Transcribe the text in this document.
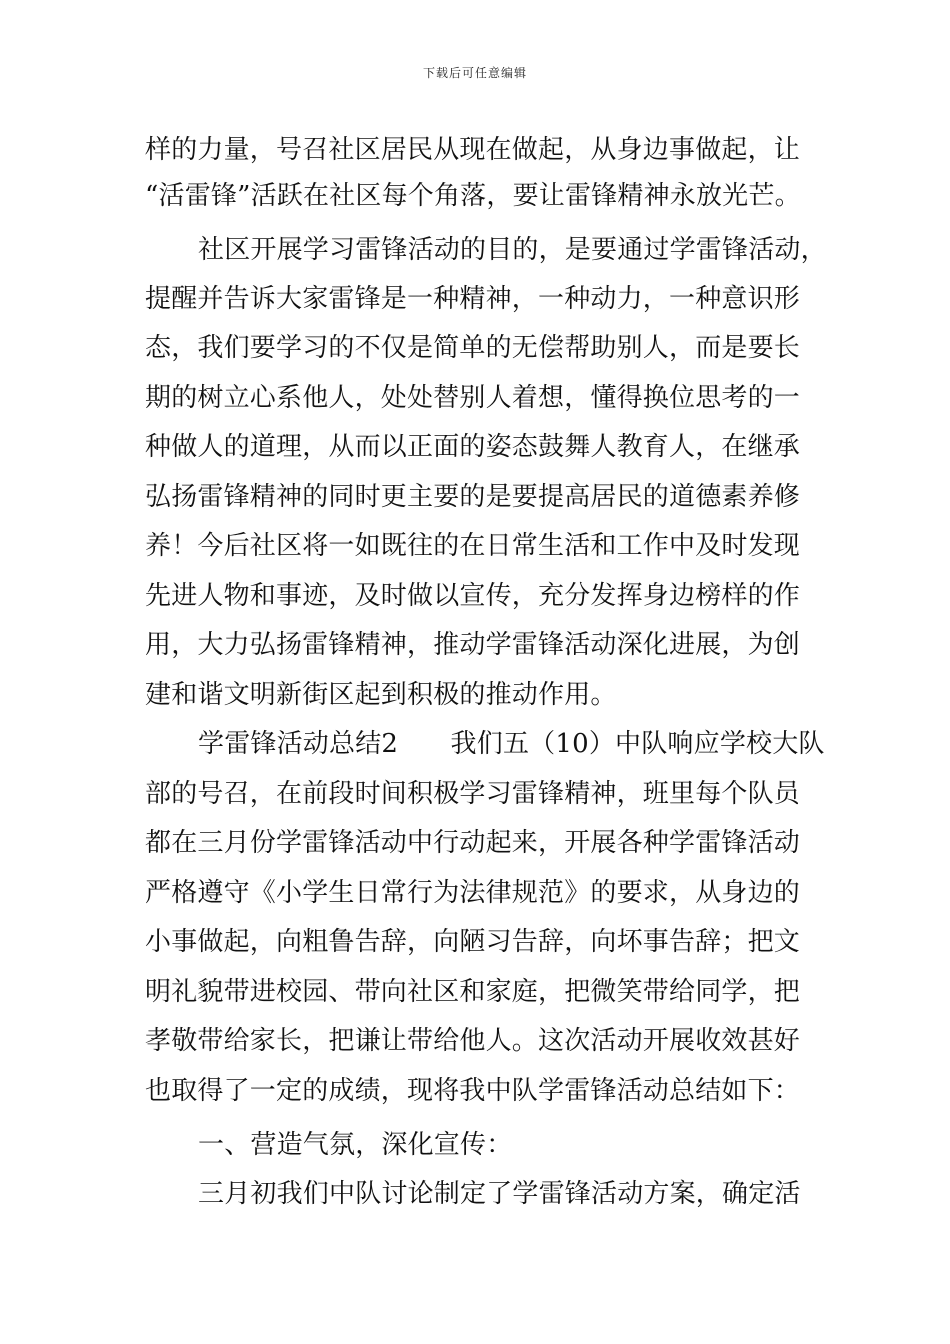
下载后可任意编辑
样的力量，号召社区居民从现在做起，从身边事做起，让
“活雷锋”活跃在社区每个角落，要让雷锋精神永放光芒。
社区开展学习雷锋活动的目的，是要通过学雷锋活动，
提醒并告诉大家雷锋是一种精神，一种动力，一种意识形
态，我们要学习的不仅是简单的无偿帮助别人，而是要长
期的树立心系他人，处处替别人着想，懂得换位思考的一
种做人的道理，从而以正面的姿态鼓舞人教育人，在继承
弘扬雷锋精神的同时更主要的是要提高居民的道德素养修
养！今后社区将一如既往的在日常生活和工作中及时发现
先进人物和事迹，及时做以宣传，充分发挥身边榜样的作
用，大力弘扬雷锋精神，推动学雷锋活动深化进展，为创
建和谐文明新街区起到积极的推动作用。
学雷锋活动总结2　　我们五（10）中队响应学校大队
部的号召，在前段时间积极学习雷锋精神，班里每个队员
都在三月份学雷锋活动中行动起来，开展各种学雷锋活动
严格遵守《小学生日常行为法律规范》的要求，从身边的
小事做起，向粗鲁告辞，向陋习告辞，向坏事告辞；把文
明礼貌带进校园、带向社区和家庭，把微笑带给同学，把
孝敬带给家长，把谦让带给他人。这次活动开展收效甚好
也取得了一定的成绩，现将我中队学雷锋活动总结如下：
一、营造气氛，深化宣传：
三月初我们中队讨论制定了学雷锋活动方案，确定活
